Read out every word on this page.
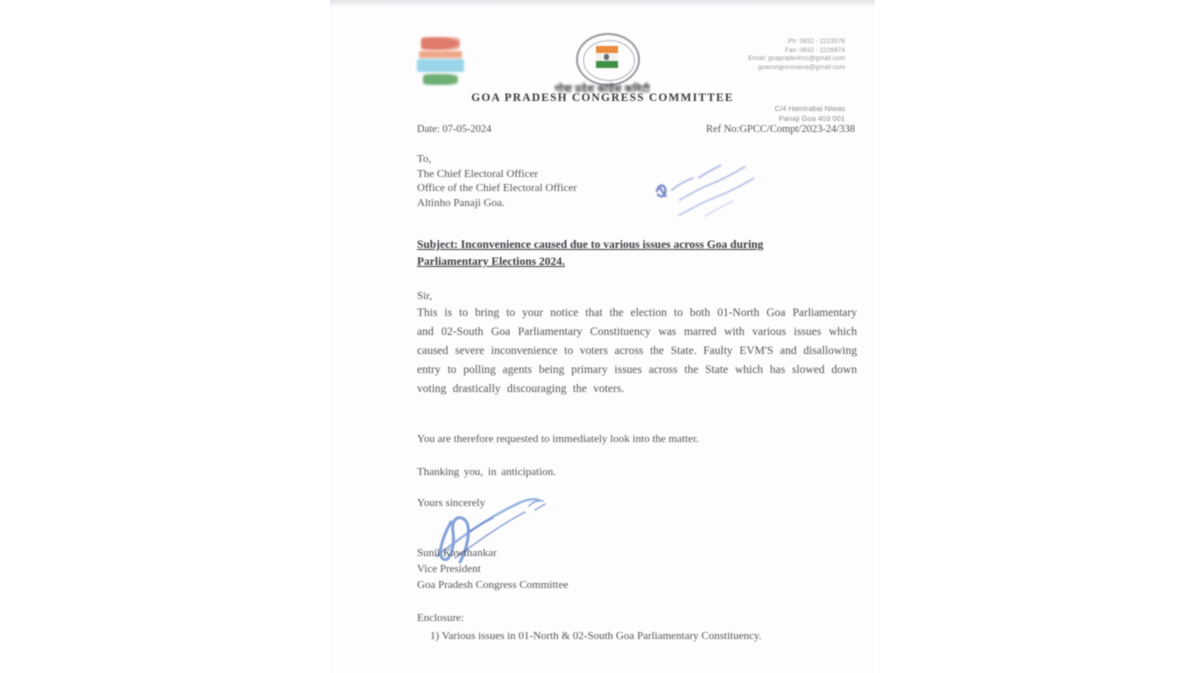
Ph: 0832 - 2223578
Fax: 0832 - 2226874
Email: goapradeshcc@gmail.com
goacongressseva@gmail.com
गोवा प्रदेश कांग्रेस कमिटी
GOA PRADESH CONGRESS COMMITTEE
C/4 Hamirabai Niwas
Panaji Goa 403 001
Date: 07-05-2024	Ref No:GPCC/Compt/2023-24/338
To,
The Chief Electoral Officer
Office of the Chief Electoral Officer
Altinho Panaji Goa.
Subject: Inconvenience caused due to various issues across Goa during Parliamentary Elections 2024.
Sir,
This is to bring to your notice that the election to both 01-North Goa Parliamentary and 02-South Goa Parliamentary Constituency was marred with various issues which caused severe inconvenience to voters across the State. Faulty EVM'S and disallowing entry to polling agents being primary issues across the State which has slowed down voting drastically discouraging the voters.
You are therefore requested to immediately look into the matter.
Thanking you, in anticipation.
Yours sincerely
Sunil Kawthankar
Vice President
Goa Pradesh Congress Committee
Enclosure:
1) Various issues in 01-North & 02-South Goa Parliamentary Constituency.
